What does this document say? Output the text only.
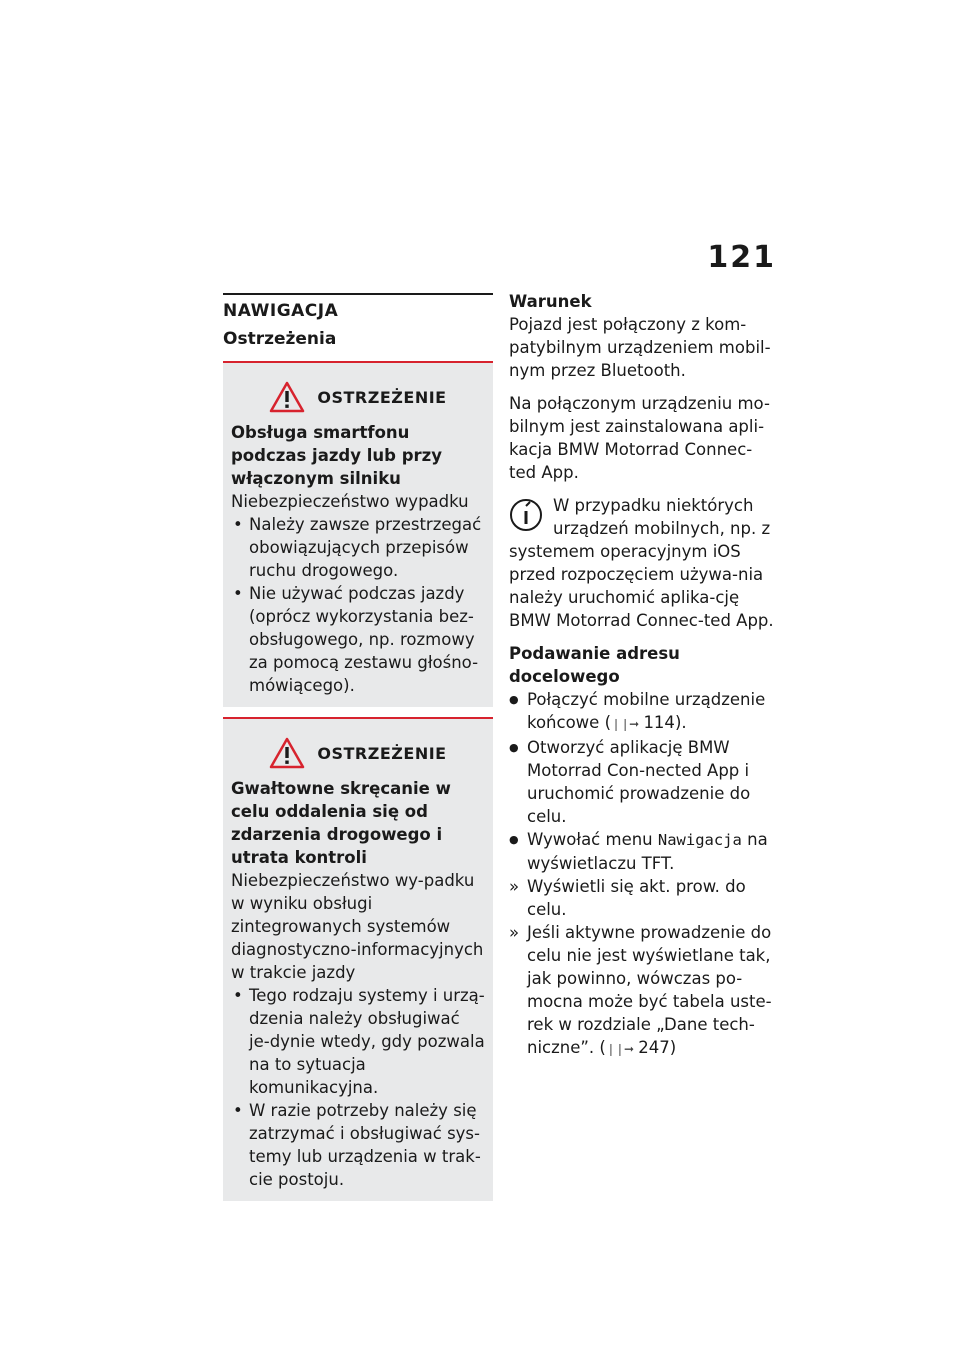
121
NAWIGACJA
Ostrzeżenia
OSTRZEŻENIE
Obsługa smartfonu podczas jazdy lub przy włączonym silniku
Niebezpieczeństwo wypadku
• Należy zawsze przestrzegać obowiązujących przepisów ruchu drogowego.
• Nie używać podczas jazdy (oprócz wykorzystania bez-obsługowego, np. rozmowy za pomocą zestawu głośno-mówiącego).
OSTRZEŻENIE
Gwałtowne skręcanie w celu oddalenia się od zdarzenia drogowego i utrata kontroli
Niebezpieczeństwo wy-padku w wyniku obsługi zintegrowanych systemów diagnostyczno-informacyjnych w trakcie jazdy
• Tego rodzaju systemy i urzą-dzenia należy obsługiwać je-dynie wtedy, gdy pozwala na to sytuacja komunikacyjna.
• W razie potrzeby należy się zatrzymać i obsługiwać sys-temy lub urządzenia w trak-cie postoju.
Warunek

Pojazd jest połączony z kom-patybilnym urządzeniem mobil-nym przez Bluetooth.

Na połączonym urządzeniu mo-bilnym jest zainstalowana apli-kacja BMW Motorrad Connec-ted App.

W przypadku niektórych urządzeń mobilnych, np. z systemem operacyjnym iOS przed rozpoczęciem używa-nia należy uruchomić aplika-cję BMW Motorrad Connec-ted App.
Podawanie adresu docelowego
● Połączyć mobilne urządzenie końcowe (❘❘➞ 114).
● Otworzyć aplikację BMW Motorrad Con-nected App i uruchomić prowadzenie do celu.
● Wywołać menu Nawigacja na wyświetlaczu TFT.
» Wyświetli się akt. prow. do celu.
» Jeśli aktywne prowadzenie do celu nie jest wyświetlane tak, jak powinno, wówczas po-mocna może być tabela uste-rek w rozdziale „Dane tech-niczne”. (❘❘➞ 247)
